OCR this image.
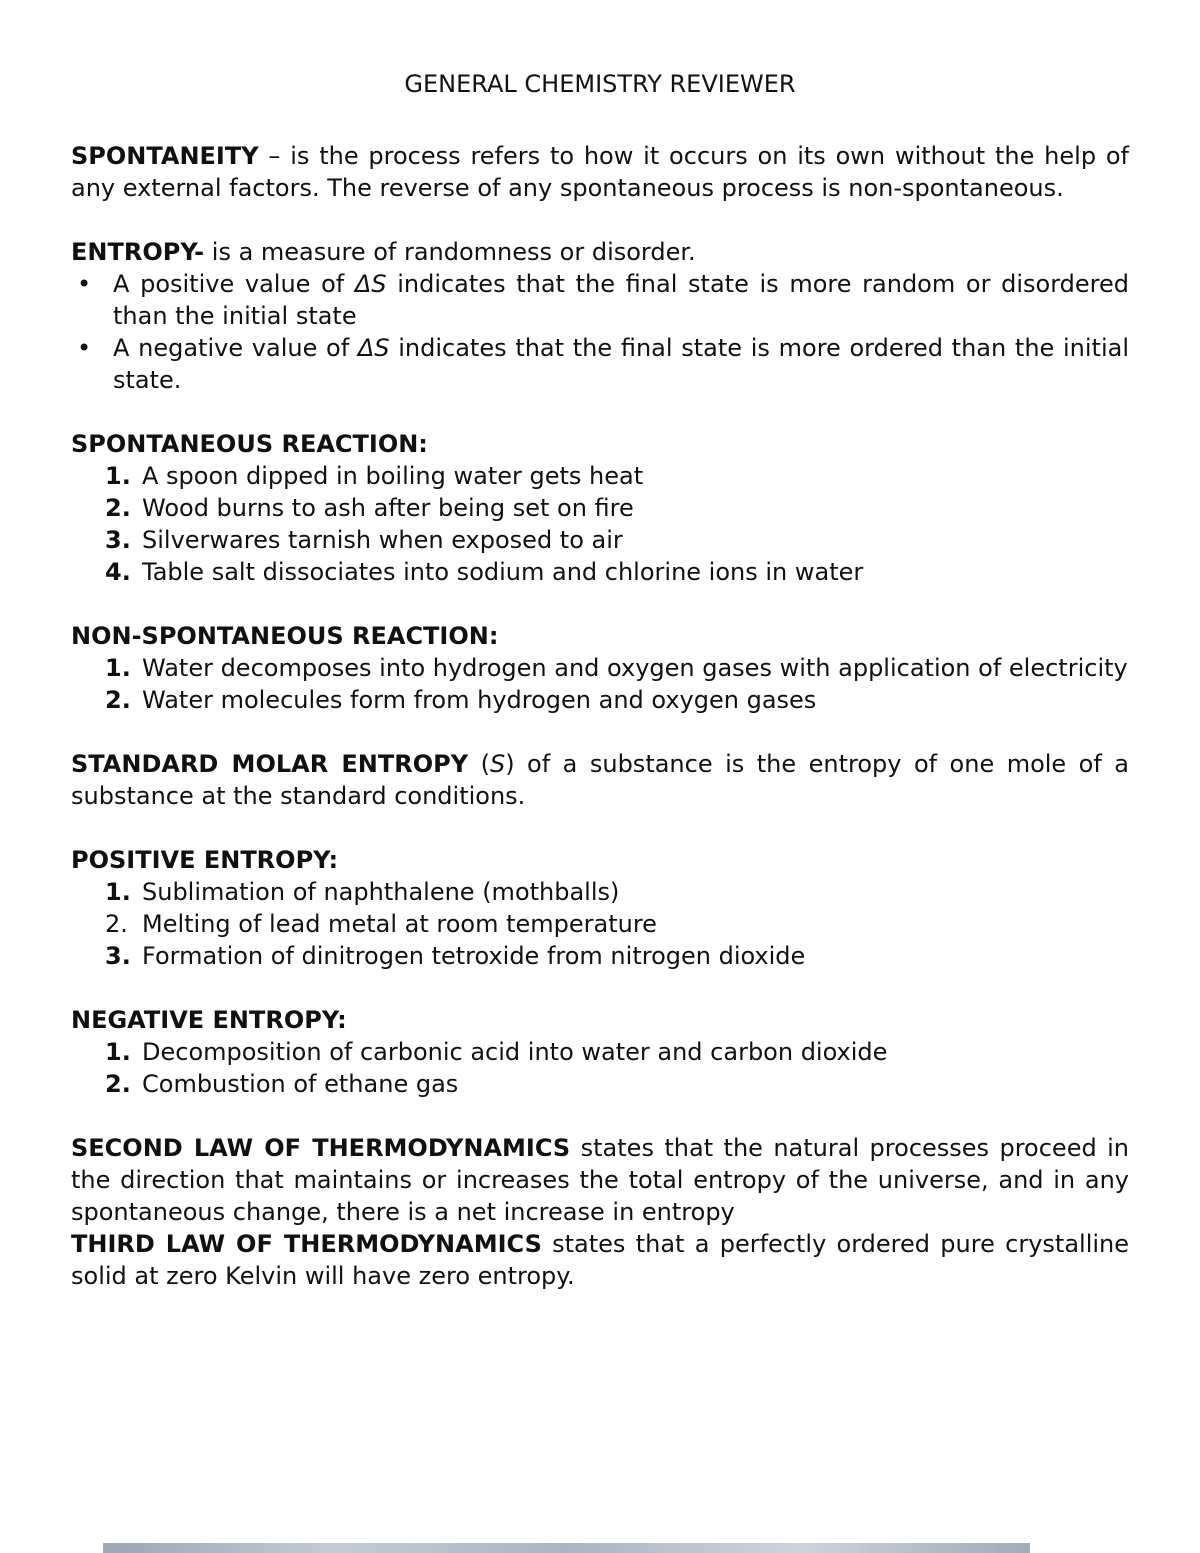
GENERAL CHEMISTRY REVIEWER

SPONTANEITY – is the process refers to how it occurs on its own without the help of any external factors. The reverse of any spontaneous process is non-spontaneous.

ENTROPY- is a measure of randomness or disorder.

• A positive value of ΔS indicates that the final state is more random or disordered than the initial state
• A negative value of ΔS indicates that the final state is more ordered than the initial state.

SPONTANEOUS REACTION:

1. A spoon dipped in boiling water gets heat
2. Wood burns to ash after being set on fire
3. Silverwares tarnish when exposed to air
4. Table salt dissociates into sodium and chlorine ions in water

NON-SPONTANEOUS REACTION:

1. Water decomposes into hydrogen and oxygen gases with application of electricity
2. Water molecules form from hydrogen and oxygen gases

STANDARD MOLAR ENTROPY (S) of a substance is the entropy of one mole of a substance at the standard conditions.

POSITIVE ENTROPY:

1. Sublimation of naphthalene (mothballs)
2. Melting of lead metal at room temperature
3. Formation of dinitrogen tetroxide from nitrogen dioxide

NEGATIVE ENTROPY:

1. Decomposition of carbonic acid into water and carbon dioxide
2. Combustion of ethane gas

SECOND LAW OF THERMODYNAMICS states that the natural processes proceed in the direction that maintains or increases the total entropy of the universe, and in any spontaneous change, there is a net increase in entropy

THIRD LAW OF THERMODYNAMICS states that a perfectly ordered pure crystalline solid at zero Kelvin will have zero entropy.
